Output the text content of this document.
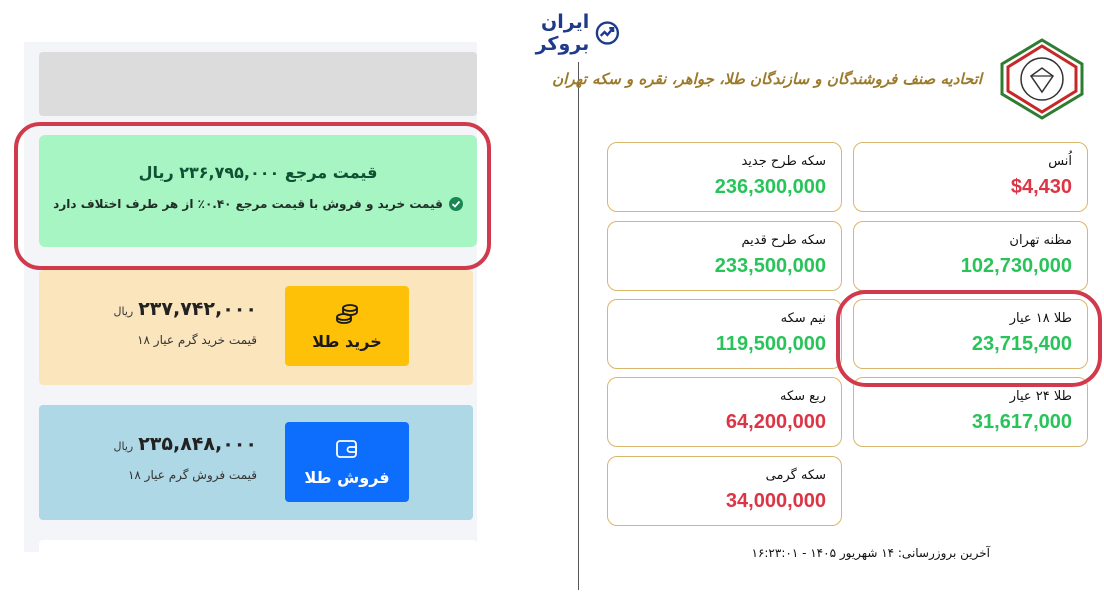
ایران بروکر
قیمت مرجع ۲۳۶,۷۹۵,۰۰۰ ریال
قیمت خرید و فروش با قیمت مرجع ۰.۴۰٪ از هر طرف اختلاف دارد
خرید طلا
۲۳۷,۷۴۲,۰۰۰
ریال
قیمت خرید گرم عیار ۱۸
فروش طلا
۲۳۵,۸۴۸,۰۰۰
ریال
قیمت فروش گرم عیار ۱۸
اتحادیه صنف فروشندگان و سازندگان طلا، جواهر، نقره و سکه تهران
اُنس
$4,430
سکه طرح جدید
236,300,000
مظنه تهران
102,730,000
سکه طرح قدیم
233,500,000
طلا ۱۸ عیار
23,715,400
نیم سکه
119,500,000
طلا ۲۴ عیار
31,617,000
ربع سکه
64,200,000
سکه گرمی
34,000,000
آخرین بروزرسانی: ۱۴ شهریور ۱۴۰۵ - ۱۶:۲۳:۰۱
